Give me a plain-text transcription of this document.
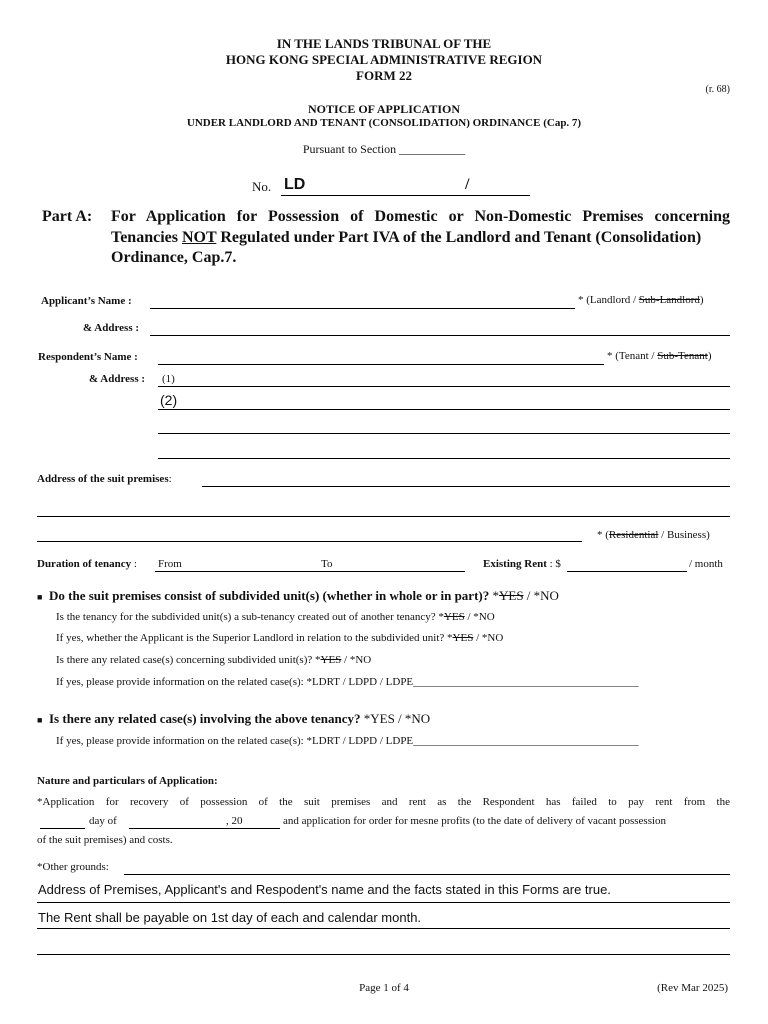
IN THE LANDS TRIBUNAL OF THE
HONG KONG SPECIAL ADMINISTRATIVE REGION
FORM 22
(r. 68)
NOTICE OF APPLICATION
UNDER LANDLORD AND TENANT (CONSOLIDATION) ORDINANCE (Cap. 7)
Pursuant to Section ___________
No. LD	/
Part A: For Application for Possession of Domestic or Non-Domestic Premises concerning
Tenancies NOT Regulated under Part IVA of the Landlord and Tenant (Consolidation)
Ordinance, Cap.7.
Applicant’s Name :	* (Landlord / Sub-Landlord)
& Address :
Respondent’s Name :	* (Tenant / Sub-Tenant)
& Address : (1)
(2)
Address of the suit premises:
* (Residential / Business)
Duration of tenancy : From	To	Existing Rent : $	/ month
■ Do the suit premises consist of subdivided unit(s) (whether in whole or in part)? *YES / *NO
Is the tenancy for the subdivided unit(s) a sub-tenancy created out of another tenancy? *YES / *NO
If yes, whether the Applicant is the Superior Landlord in relation to the subdivided unit? *YES / *NO
Is there any related case(s) concerning subdivided unit(s)? *YES / *NO
If yes, please provide information on the related case(s): *LDRT / LDPD / LDPE_________________________________________
■ Is there any related case(s) involving the above tenancy? *YES / *NO
If yes, please provide information on the related case(s): *LDRT / LDPD / LDPE_________________________________________
Nature and particulars of Application:
*Application for recovery of possession of the suit premises and rent as the Respondent has failed to pay rent from the
day of	, 20	and application for order for mesne profits (to the date of delivery of vacant possession
of the suit premises) and costs.
*Other grounds:
Address of Premises, Applicant's and Respodent's name and the facts stated in this Forms are true.
The Rent shall be payable on 1st day of each and calendar month.
Page 1 of 4	(Rev Mar 2025)
